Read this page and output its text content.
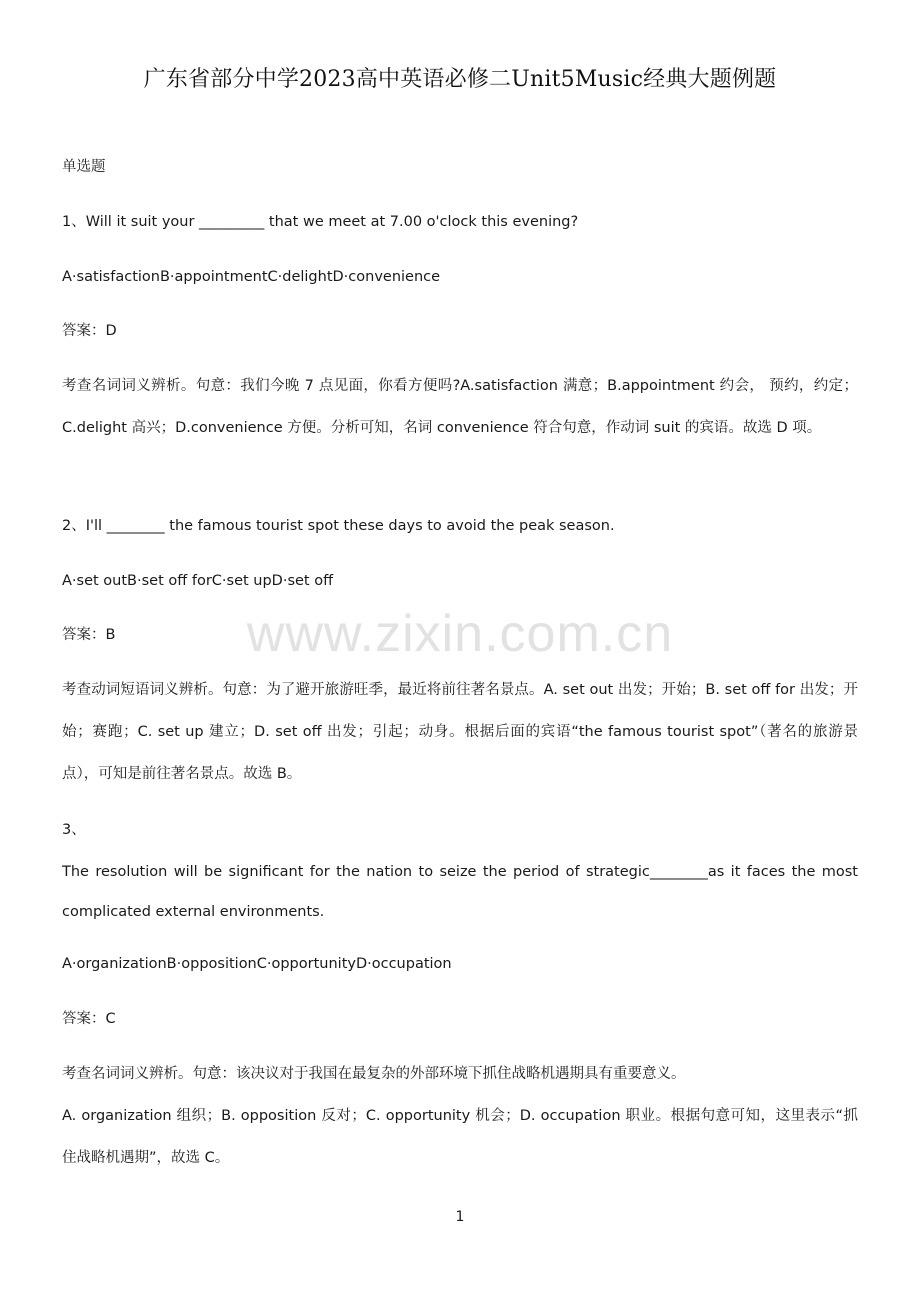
广东省部分中学2023高中英语必修二Unit5Music经典大题例题
单选题
1、Will it suit your _________ that we meet at 7.00 o'clock this evening?
A·satisfactionB·appointmentC·delightD·convenience
答案：D
考查名词词义辨析。句意：我们今晚 7 点见面，你看方便吗?A.satisfaction 满意；B.appointment 约会， 预约，约定；C.delight 高兴；D.convenience 方便。分析可知，名词 convenience 符合句意，作动词 suit 的宾语。故选 D 项。
2、I'll ________ the famous tourist spot these days to avoid the peak season.
A·set outB·set off forC·set upD·set off
答案：B
考查动词短语词义辨析。句意：为了避开旅游旺季，最近将前往著名景点。A. set out 出发；开始；B. set off for 出发；开始；赛跑；C. set up 建立；D. set off 出发；引起；动身。根据后面的宾语“the famous tourist spot”（著名的旅游景点），可知是前往著名景点。故选 B。
3、
The resolution will be significant for the nation to seize the period of strategic________as it faces the most complicated external environments.
A·organizationB·oppositionC·opportunityD·occupation
答案：C
考查名词词义辨析。句意：该决议对于我国在最复杂的外部环境下抓住战略机遇期具有重要意义。
A. organization 组织；B. opposition 反对；C. opportunity 机会；D. occupation 职业。根据句意可知，这里表示“抓住战略机遇期”，故选 C。
www.zixin.com.cn
1
